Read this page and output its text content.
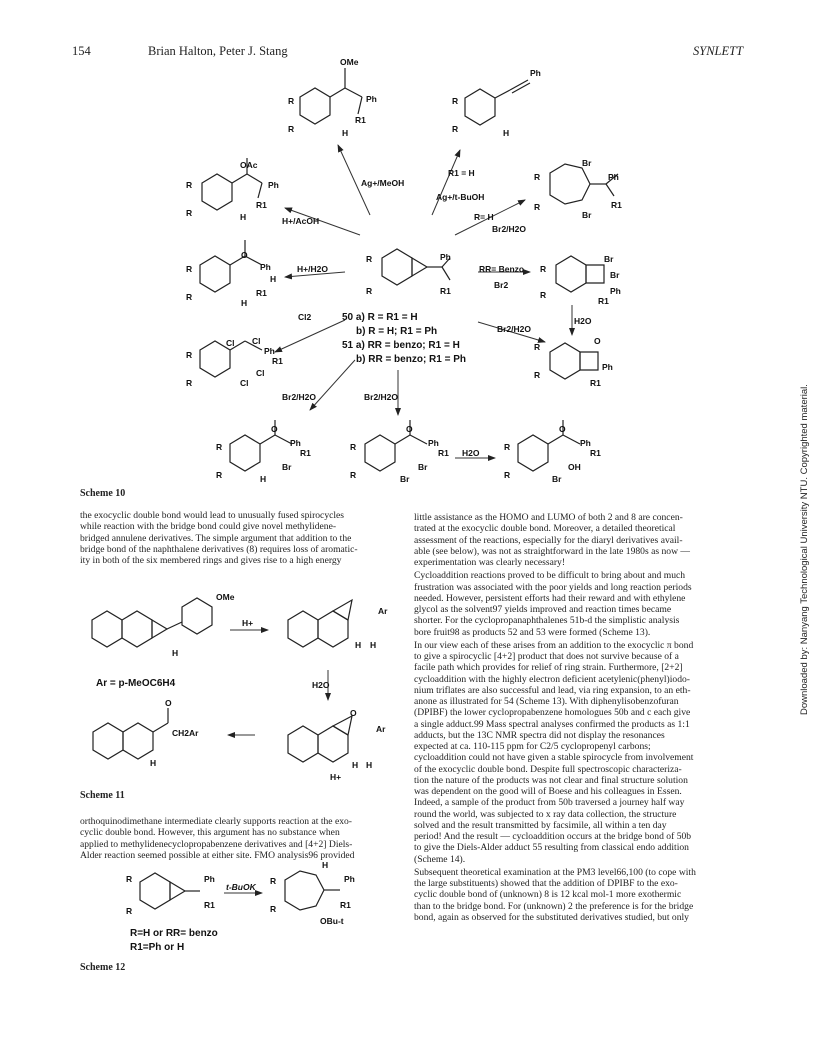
154	Brian Halton, Peter J. Stang	SYNLETT
Downloaded by: Nanyang Technological University NTU. Copyrighted material.
OMe
Ph
R
R	H
R1
Ph
R
R	H
Ag+/MeOH
R1 = H
Ag+/t-BuOH
OAc
Ph
R
R	H
R1
H+/AcOH
Br
Ph
R
R
Br
R1
R= H
Br2/H2O
O
Ph
H
R
R
H
R1
H+/H2O
R
R
Ph
R1
RR= Benzo
Br2
Br
Br
Ph
R
R
R1
H2O
50 a) R = R1 = H
b) R = H; R1 = Ph
51 a) RR = benzo; R1 = H
b) RR = benzo; R1 = Ph
Cl2
Cl Cl
Ph
R
R	Cl
Cl
R1
Br2/H2O
O
Ph
R
R
R1
Br2/H2O	Br2/H2O
O
Ph
R1
Br
R
R	H
O
Ph
R1
Br
R
R	Br
H2O
O
Ph
R1
OH
R
R	Br
Scheme 10

the exocyclic double bond would lead to unusually fused spirocycles

while reaction with the bridge bond could give novel methylidene-

bridged annulene derivatives. The simple argument that addition to the

bridge bond of the naphthalene derivatives (8) requires loss of aromatic-

ity in both of the six membered rings and gives rise to a high energy

OMe
H
H+
Ar
H H
Ar = p-MeOC6H4	H2O
O
CH2Ar
H
O
Ar
H H
H+
Scheme 11

orthoquinodimethane intermediate clearly supports reaction at the exo-

cyclic double bond. However, this argument has no substance when

applied to methylidenecyclopropabenzene derivatives and [4+2] Diels-

Alder reaction seemed possible at either site. FMO analysis96 provided

R
R
Ph
R1
t-BuOK
H
Ph
R
R	R1
OBu-t
R=H or RR= benzo
R1=Ph or H
Scheme 12

little assistance as the HOMO and LUMO of both 2 and 8 are concen-

trated at the exocyclic double bond. Moreover, a detailed theoretical

assessment of the reactions, especially for the diaryl derivatives avail-

able (see below), was not as straightforward in the late 1980s as now —

experimentation was clearly necessary!

Cycloaddition reactions proved to be difficult to bring about and much

frustration was associated with the poor yields and long reaction periods

needed. However, persistent efforts had their reward and with ethylene

glycol as the solvent97 yields improved and reaction times became

shorter. For the cyclopropanaphthalenes 51b-d the simplistic analysis

bore fruit98 as products 52 and 53 were formed (Scheme 13).

In our view each of these arises from an addition to the exocyclic π bond

to give a spirocyclic [4+2] product that does not survive because of a

facile path which provides for relief of ring strain. Furthermore, [2+2]

cycloaddition with the highly electron deficient acetylenic(phenyl)iodo-

nium triflates are also successful and lead, via ring expansion, to an eth-

anone as illustrated for 54 (Scheme 13). With diphenylisobenzofuran

(DPIBF) the lower cyclopropabenzene homologues 50b and c each give

a single adduct.99 Mass spectral analyses confirmed the products as 1:1

adducts, but the 13C NMR spectra did not display the resonances

expected at ca. 110-115 ppm for C2/5 cyclopropenyl carbons;

cycloaddition could not have given a stable spirocycle from involvement

of the exocyclic double bond. Despite full spectroscopic characteriza-

tion the nature of the products was not clear and final structure solution

was dependent on the good will of Boese and his colleagues in Essen.

Indeed, a sample of the product from 50b traversed a journey half way

round the world, was subjected to x ray data collection, the structure

solved and the result transmitted by facsimile, all within a ten day

period! And the result — cycloaddition occurs at the bridge bond of 50b

to give the Diels-Alder adduct 55 resulting from classical endo addition

(Scheme 14).

Subsequent theoretical examination at the PM3 level66,100 (to cope with

the large substituents) showed that the addition of DPIBF to the exo-

cyclic double bond of (unknown) 8 is 12 kcal mol-1 more exothermic

than to the bridge bond. For (unknown) 2 the preference is for the bridge

bond, again as observed for the substituted derivatives studied, but only
